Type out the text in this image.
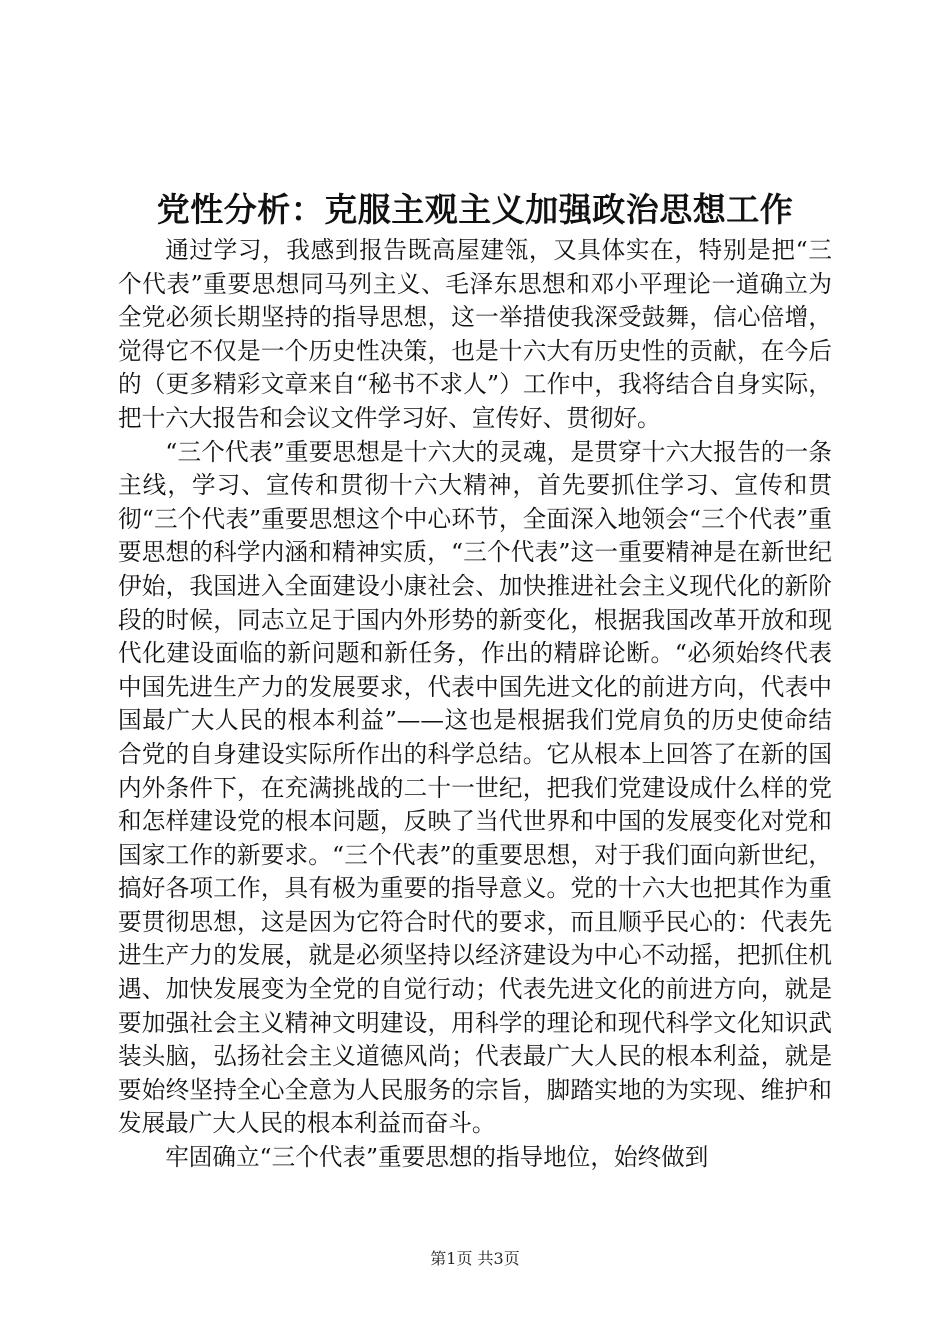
党性分析：克服主观主义加强政治思想工作

通过学习，我感到报告既高屋建瓴，又具体实在，特别是把“三个代表”重要思想同马列主义、毛泽东思想和邓小平理论一道确立为全党必须长期坚持的指导思想，这一举措使我深受鼓舞，信心倍增，觉得它不仅是一个历史性决策，也是十六大有历史性的贡献，在今后的（更多精彩文章来自“秘书不求人”）工作中，我将结合自身实际，把十六大报告和会议文件学习好、宣传好、贯彻好。

“三个代表”重要思想是十六大的灵魂，是贯穿十六大报告的一条主线，学习、宣传和贯彻十六大精神，首先要抓住学习、宣传和贯彻“三个代表”重要思想这个中心环节，全面深入地领会“三个代表”重要思想的科学内涵和精神实质，“三个代表”这一重要精神是在新世纪伊始，我国进入全面建设小康社会、加快推进社会主义现代化的新阶段的时候，同志立足于国内外形势的新变化，根据我国改革开放和现代化建设面临的新问题和新任务，作出的精辟论断。“必须始终代表中国先进生产力的发展要求，代表中国先进文化的前进方向，代表中国最广大人民的根本利益”——这也是根据我们党肩负的历史使命结合党的自身建设实际所作出的科学总结。它从根本上回答了在新的国内外条件下，在充满挑战的二十一世纪，把我们党建设成什么样的党和怎样建设党的根本问题，反映了当代世界和中国的发展变化对党和国家工作的新要求。“三个代表”的重要思想，对于我们面向新世纪，搞好各项工作，具有极为重要的指导意义。党的十六大也把其作为重要贯彻思想，这是因为它符合时代的要求，而且顺乎民心的：代表先进生产力的发展，就是必须坚持以经济建设为中心不动摇，把抓住机遇、加快发展变为全党的自觉行动；代表先进文化的前进方向，就是要加强社会主义精神文明建设，用科学的理论和现代科学文化知识武装头脑，弘扬社会主义道德风尚；代表最广大人民的根本利益，就是要始终坚持全心全意为人民服务的宗旨，脚踏实地的为实现、维护和发展最广大人民的根本利益而奋斗。

牢固确立“三个代表”重要思想的指导地位，始终做到

第1页 共3页
